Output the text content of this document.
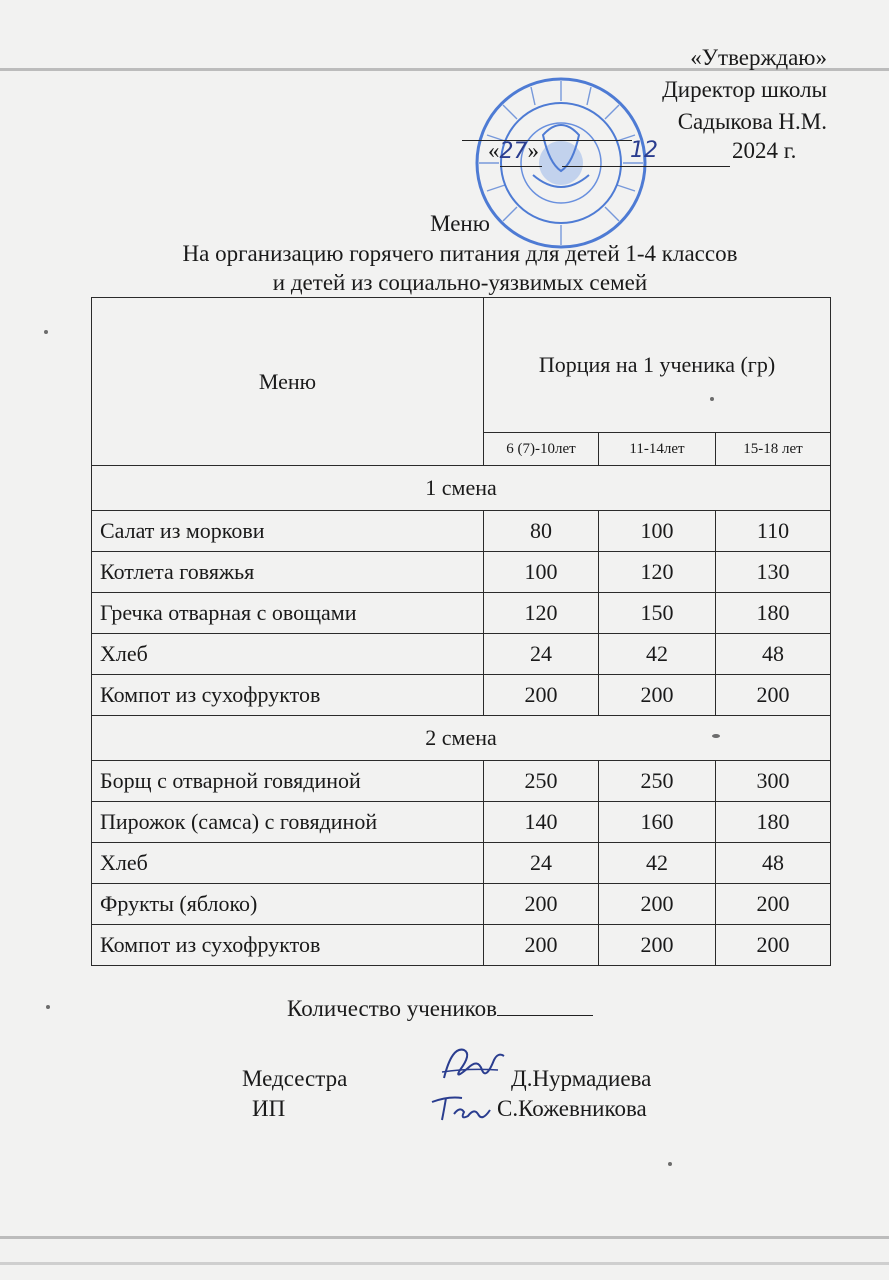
«Утверждаю»
Директор школы
Садыкова Н.М.
«27»	12	2024 г.
Меню
На организацию горячего питания для детей 1-4 классов
и детей из социально-уязвимых семей
Меню	Порция на 1 ученика (гр)		
	6 (7)-10лет	11-14лет	15-18 лет
1 смена			
Салат из моркови	80	100	110
Котлета говяжья	100	120	130
Гречка отварная с овощами	120	150	180
Хлеб	24	42	48
Компот из сухофруктов	200	200	200
2 смена			
Борщ с отварной говядиной	250	250	300
Пирожок (самса) с говядиной	140	160	180
Хлеб	24	42	48
Фрукты (яблоко)	200	200	200
Компот из сухофруктов	200	200	200
Количество учеников
Медсестра	Д.Нурмадиева
ИП	С.Кожевникова
